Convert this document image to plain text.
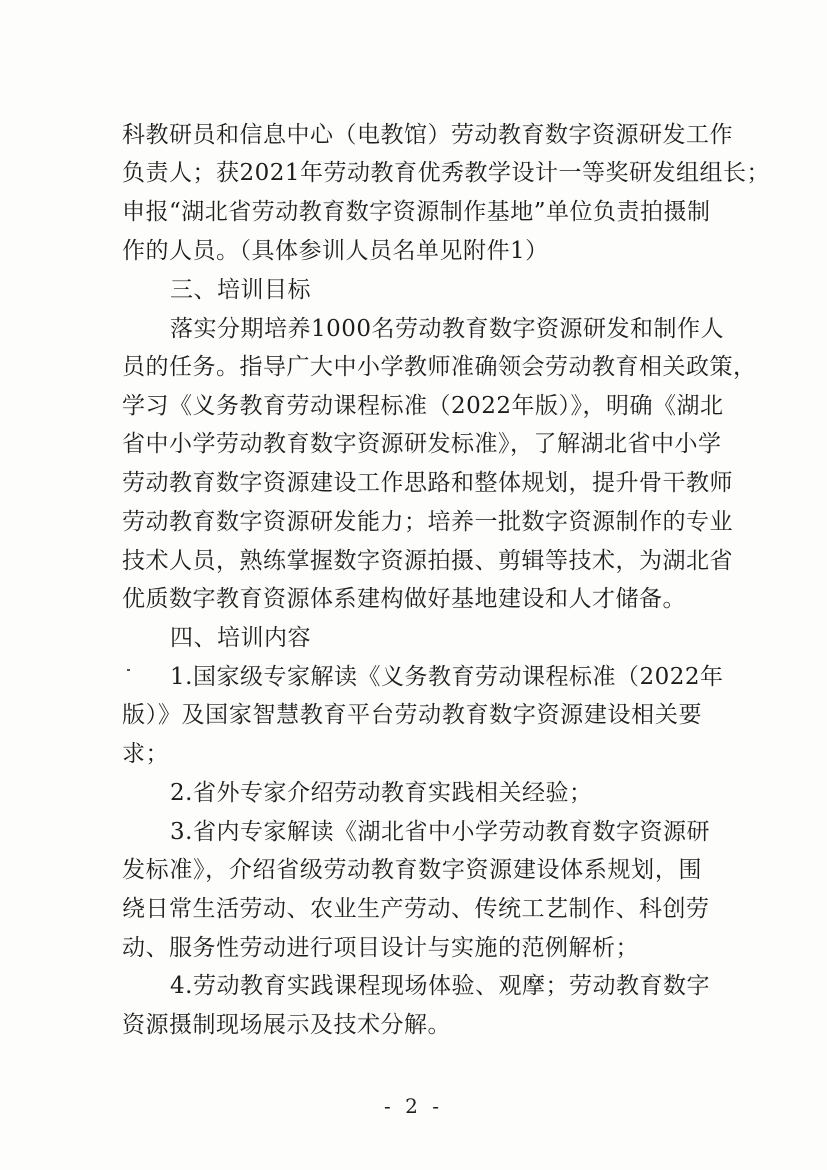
科教研员和信息中心（电教馆）劳动教育数字资源研发工作
负责人；获2021年劳动教育优秀教学设计一等奖研发组组长；
申报“湖北省劳动教育数字资源制作基地”单位负责拍摄制
作的人员。（具体参训人员名单见附件1）
三、培训目标
落实分期培养1000名劳动教育数字资源研发和制作人
员的任务。指导广大中小学教师准确领会劳动教育相关政策，
学习《义务教育劳动课程标准（2022年版）》，明确《湖北
省中小学劳动教育数字资源研发标准》，了解湖北省中小学
劳动教育数字资源建设工作思路和整体规划，提升骨干教师
劳动教育数字资源研发能力；培养一批数字资源制作的专业
技术人员，熟练掌握数字资源拍摄、剪辑等技术，为湖北省
优质数字教育资源体系建构做好基地建设和人才储备。
四、培训内容
1.国家级专家解读《义务教育劳动课程标准（2022年
版）》及国家智慧教育平台劳动教育数字资源建设相关要
求；
2.省外专家介绍劳动教育实践相关经验；
3.省内专家解读《湖北省中小学劳动教育数字资源研
发标准》，介绍省级劳动教育数字资源建设体系规划，围
绕日常生活劳动、农业生产劳动、传统工艺制作、科创劳
动、服务性劳动进行项目设计与实施的范例解析；
4.劳动教育实践课程现场体验、观摩；劳动教育数字
资源摄制现场展示及技术分解。
- 2 -
